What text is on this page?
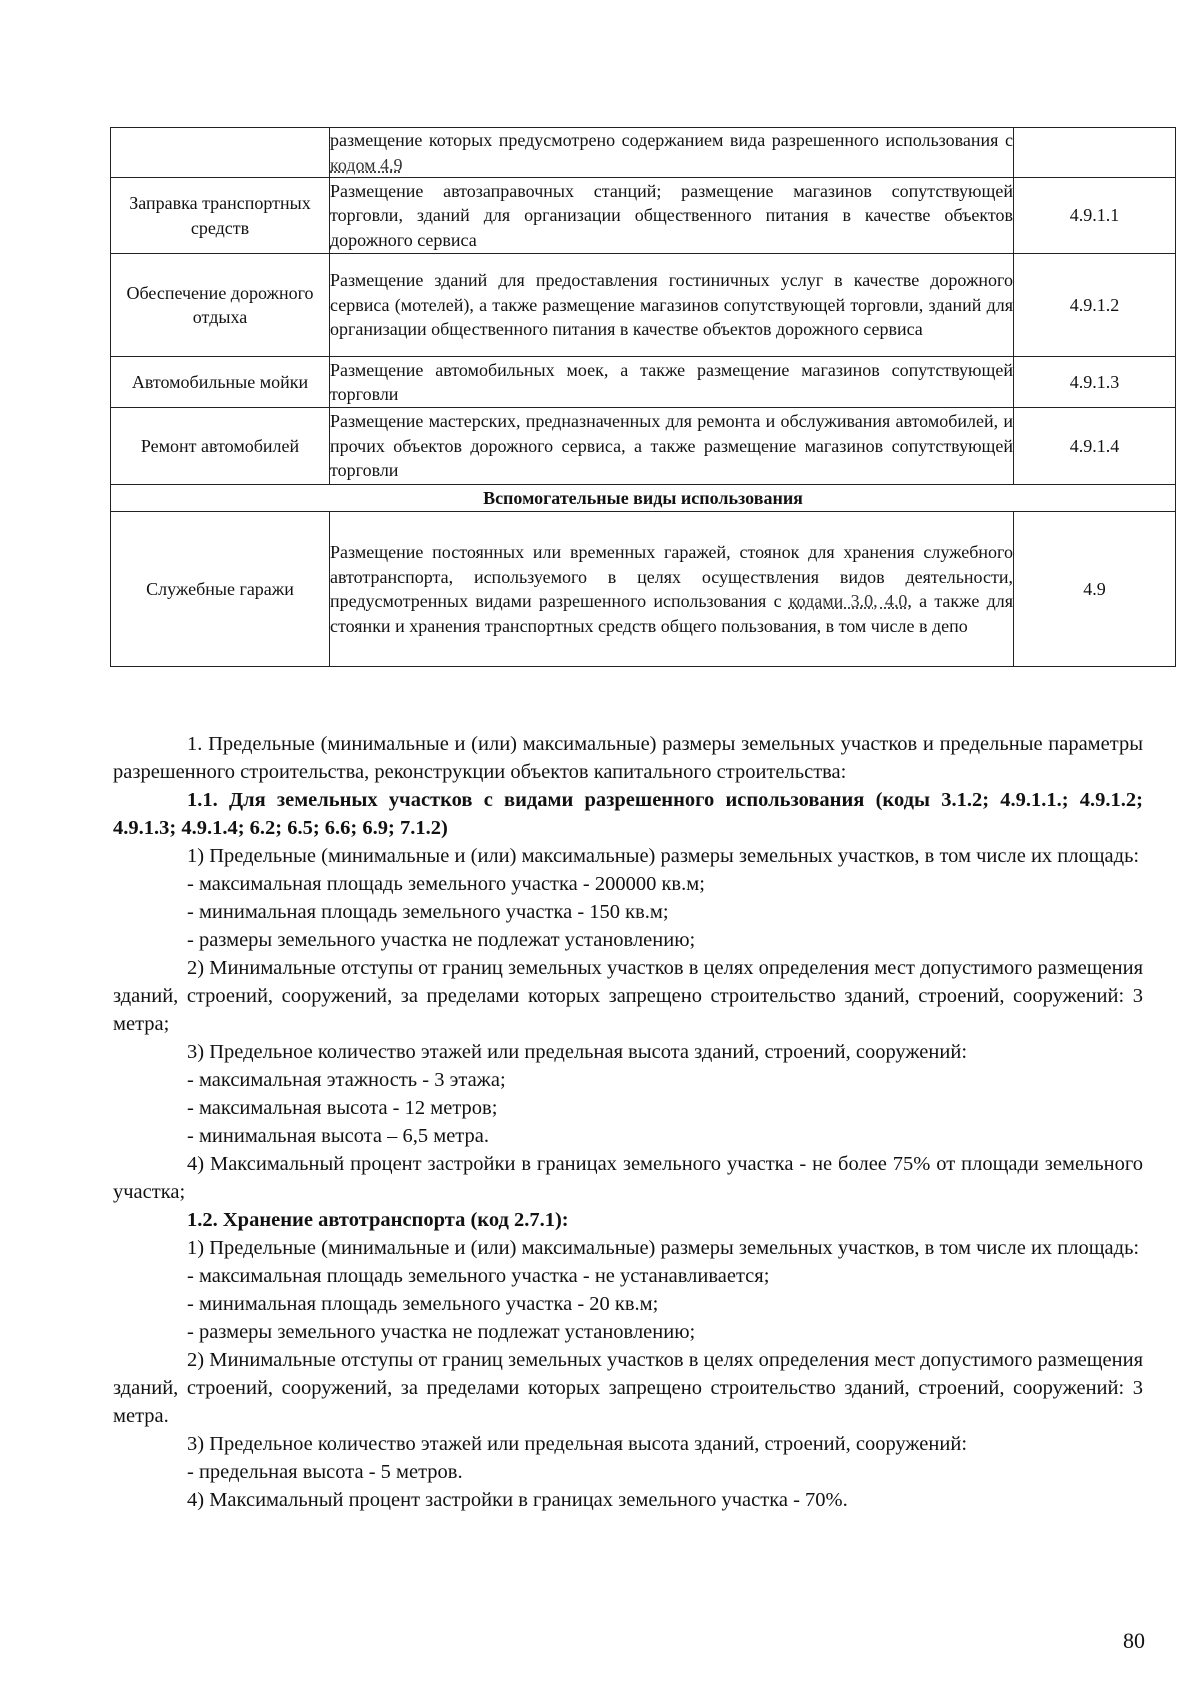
	размещение которых предусмотрено содержанием вида разрешенного использования с кодом 4.9	
Заправка транспортных средств	Размещение автозаправочных станций; размещение магазинов сопутствующей торговли, зданий для организации общественного питания в качестве объектов дорожного сервиса	4.9.1.1
Обеспечение дорожного отдыха	Размещение зданий для предоставления гостиничных услуг в качестве дорожного сервиса (мотелей), а также размещение магазинов сопутствующей торговли, зданий для организации общественного питания в качестве объектов дорожного сервиса	4.9.1.2
Автомобильные мойки	Размещение автомобильных моек, а также размещение магазинов сопутствующей торговли	4.9.1.3
Ремонт автомобилей	Размещение мастерских, предназначенных для ремонта и обслуживания автомобилей, и прочих объектов дорожного сервиса, а также размещение магазинов сопутствующей торговли	4.9.1.4
Вспомогательные виды использования		
Служебные гаражи	Размещение постоянных или временных гаражей, стоянок для хранения служебного автотранспорта, используемого в целях осуществления видов деятельности, предусмотренных видами разрешенного использования с кодами 3.0, 4.0, а также для стоянки и хранения транспортных средств общего пользования, в том числе в депо	4.9

1. Предельные (минимальные и (или) максимальные) размеры земельных участков и предельные параметры разрешенного строительства, реконструкции объектов капитального строительства:

1.1. Для земельных участков с видами разрешенного использования (коды 3.1.2; 4.9.1.1.; 4.9.1.2; 4.9.1.3; 4.9.1.4; 6.2; 6.5; 6.6; 6.9; 7.1.2)

1) Предельные (минимальные и (или) максимальные) размеры земельных участков, в том числе их площадь:

- максимальная площадь земельного участка - 200000 кв.м;

- минимальная площадь земельного участка - 150 кв.м;

- размеры земельного участка не подлежат установлению;

2) Минимальные отступы от границ земельных участков в целях определения мест допустимого размещения зданий, строений, сооружений, за пределами которых запрещено строительство зданий, строений, сооружений: 3 метра;

3) Предельное количество этажей или предельная высота зданий, строений, сооружений:

- максимальная этажность - 3 этажа;

- максимальная высота - 12 метров;

- минимальная высота – 6,5 метра.

4) Максимальный процент застройки в границах земельного участка - не более 75% от площади земельного участка;

1.2. Хранение автотранспорта (код 2.7.1):

1) Предельные (минимальные и (или) максимальные) размеры земельных участков, в том числе их площадь:

- максимальная площадь земельного участка - не устанавливается;

- минимальная площадь земельного участка - 20 кв.м;

- размеры земельного участка не подлежат установлению;

2) Минимальные отступы от границ земельных участков в целях определения мест допустимого размещения зданий, строений, сооружений, за пределами которых запрещено строительство зданий, строений, сооружений: 3 метра.

3) Предельное количество этажей или предельная высота зданий, строений, сооружений:

- предельная высота - 5 метров.

4) Максимальный процент застройки в границах земельного участка - 70%.

80
